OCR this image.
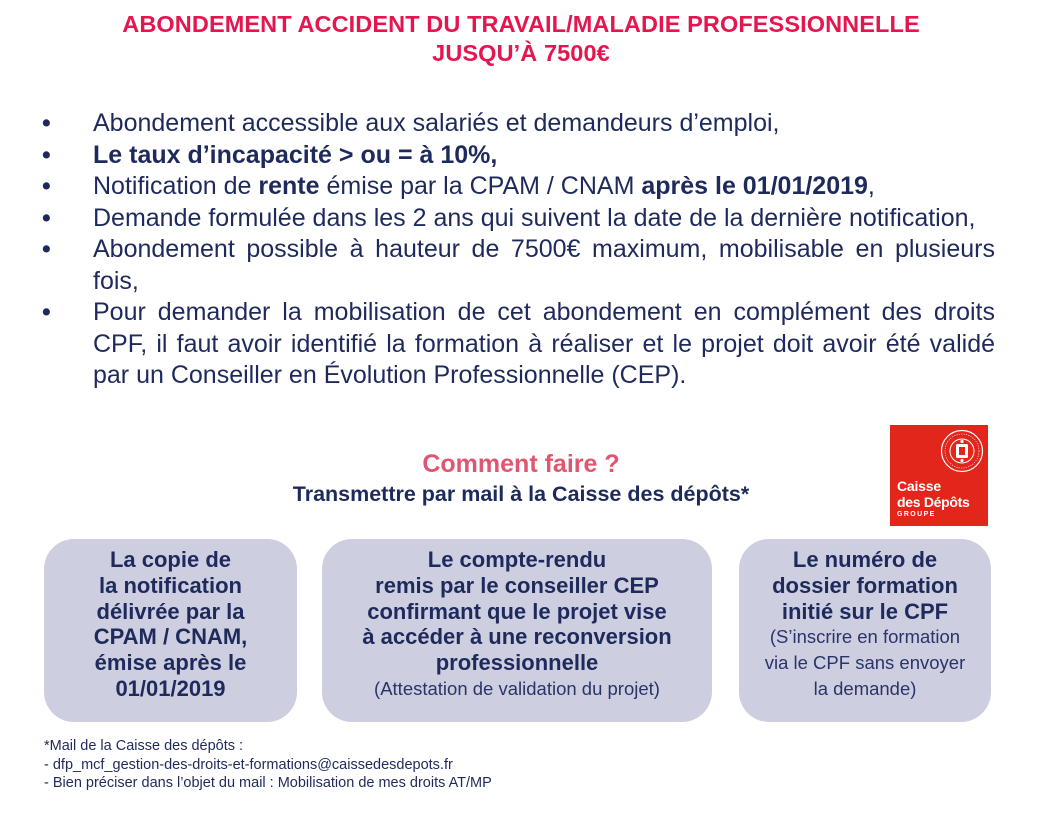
ABONDEMENT ACCIDENT DU TRAVAIL/MALADIE PROFESSIONNELLE
JUSQU’À 7500€
• Abondement accessible aux salariés et demandeurs d’emploi,
• Le taux d’incapacité > ou = à 10%,
• Notification de rente émise par la CPAM / CNAM après le 01/01/2019,
• Demande formulée dans les 2 ans qui suivent la date de la dernière notification,
• Abondement possible à hauteur de 7500€ maximum, mobilisable en plusieurs fois,
• Pour demander la mobilisation de cet abondement en complément des droits CPF, il faut avoir identifié la formation à réaliser et le projet doit avoir été validé par un Conseiller en Évolution Professionnelle (CEP).
Comment faire ?
Transmettre par mail à la Caisse des dépôts*	Caisse
des Dépôts
GROUPE
La copie de
la notification
délivrée par la
CPAM / CNAM,
émise après le
01/01/2019
Le compte-rendu
remis par le conseiller CEP
confirmant que le projet vise
à accéder à une reconversion
professionnelle
(Attestation de validation du projet)
Le numéro de
dossier formation
initié sur le CPF
(S’inscrire en formation
via le CPF sans envoyer
la demande)
*Mail de la Caisse des dépôts :
- dfp_mcf_gestion-des-droits-et-formations@caissedesdepots.fr
- Bien préciser dans l’objet du mail : Mobilisation de mes droits AT/MP
